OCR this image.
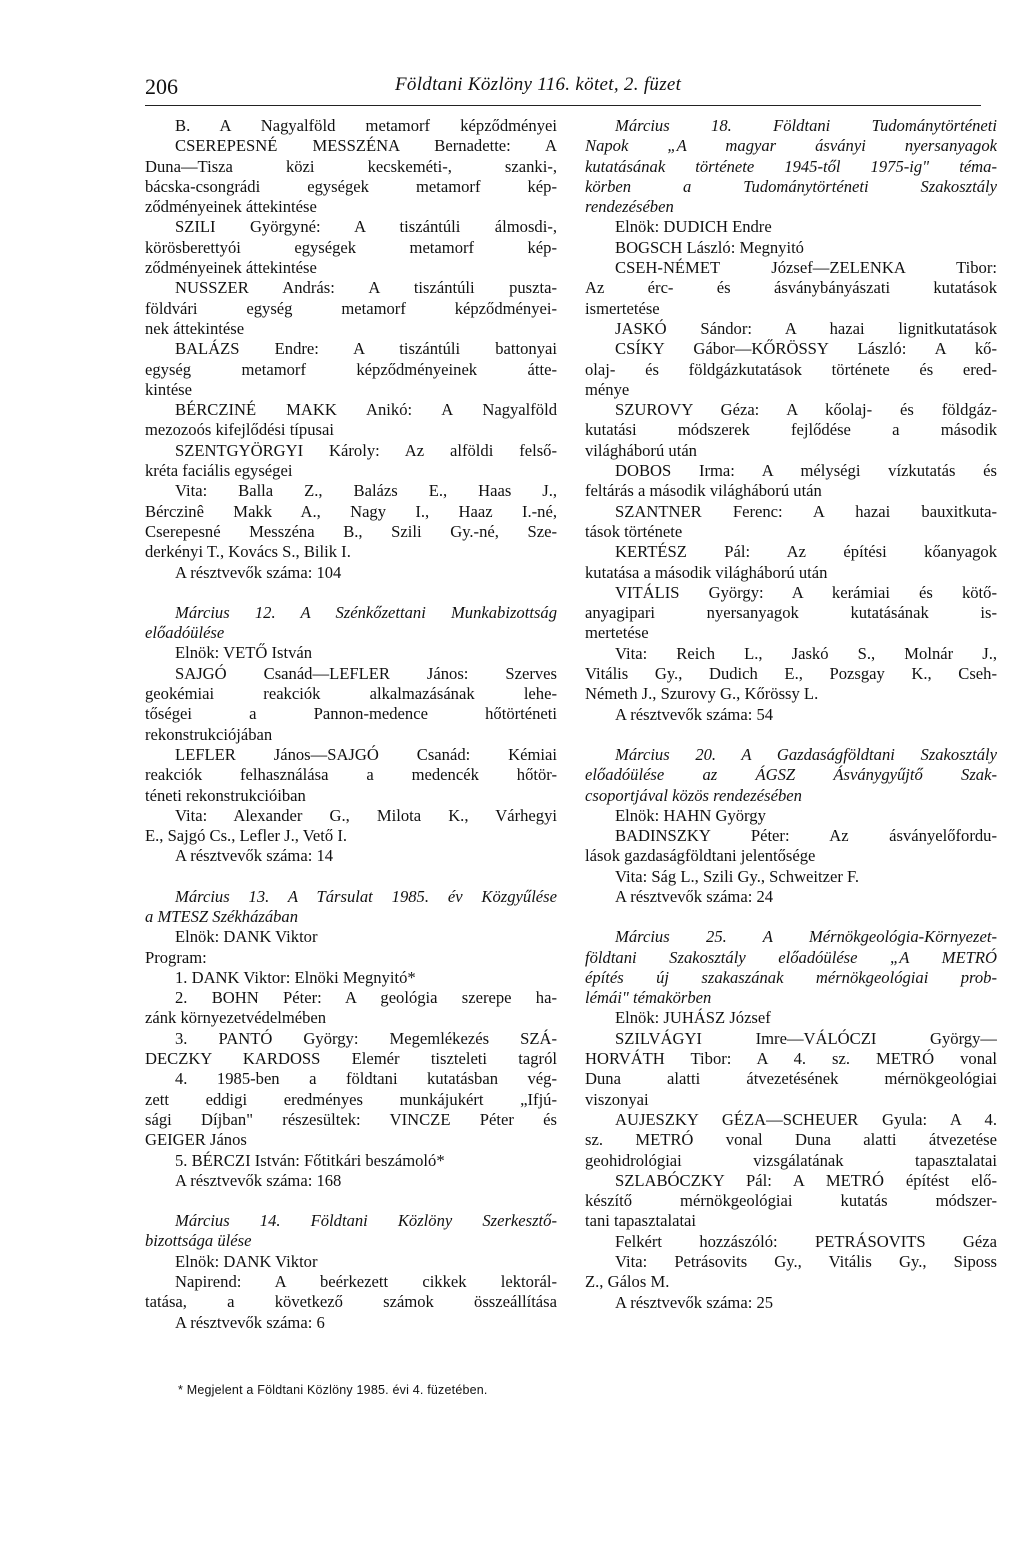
206	Földtani Közlöny 116. kötet, 2. füzet
B. A Nagyalföld metamorf képződményei
CSEREPESNÉ MESSZÉNA Bernadette: A
Duna—Tisza közi kecskeméti-, szanki-,
bácska-csongrádi egységek metamorf kép-
ződményeinek áttekintése
SZILI Györgyné: A tiszántúli álmosdi-,
körösberettyói egységek metamorf kép-
ződményeinek áttekintése
NUSSZER András: A tiszántúli puszta-
földvári egység metamorf képződményei-
nek áttekintése
BALÁZS Endre: A tiszántúli battonyai
egység metamorf képződményeinek átte-
kintése
BÉRCZINÉ MAKK Anikó: A Nagyalföld
mezozoós kifejlődési típusai
SZENTGYÖRGYI Károly: Az alföldi felső-
kréta faciális egységei
Vita: Balla Z., Balázs E., Haas J.,
Bérczinê Makk A., Nagy I., Haaz I.-né,
Cserepesné Messzéna B., Szili Gy.-né, Sze-
derkényi T., Kovács S., Bilik I.
A résztvevők száma: 104
Március 12. A Szénkőzettani Munkabizottság
előadóülése
Elnök: VETŐ István
SAJGÓ Csanád—LEFLER János: Szerves
geokémiai reakciók alkalmazásának lehe-
tőségei a Pannon-medence hőtörténeti
rekonstrukciójában
LEFLER János—SAJGÓ Csanád: Kémiai
reakciók felhasználása a medencék hőtör-
téneti rekonstrukcióiban
Vita: Alexander G., Milota K., Várhegyi
E., Sajgó Cs., Lefler J., Vető I.
A résztvevők száma: 14
Március 13. A Társulat 1985. év Közgyűlése
a MTESZ Székházában
Elnök: DANK Viktor
Program:
1. DANK Viktor: Elnöki Megnyitó*
2. BOHN Péter: A geológia szerepe ha-
zánk környezetvédelmében
3. PANTÓ György: Megemlékezés SZÁ-
DECZKY KARDOSS Elemér tiszteleti tagról
4. 1985-ben a földtani kutatásban vég-
zett eddigi eredményes munkájukért „Ifjú-
sági Díjban" részesültek: VINCZE Péter és
GEIGER János
5. BÉRCZI István: Főtitkári beszámoló*
A résztvevők száma: 168
Március 14. Földtani Közlöny Szerkesztő-
bizottsága ülése
Elnök: DANK Viktor
Napirend: A beérkezett cikkek lektorál-
tatása, a következő számok összeállítása
A résztvevők száma: 6
Március 18. Földtani Tudománytörténeti
Napok „A magyar ásványi nyersanyagok
kutatásának története 1945-től 1975-ig" téma-
körben a Tudománytörténeti Szakosztály
rendezésében
Elnök: DUDICH Endre
BOGSCH László: Megnyitó
CSEH-NÉMET József—ZELENKA Tibor:
Az érc- és ásványbányászati kutatások
ismertetése
JASKÓ Sándor: A hazai lignitkutatások
CSÍKY Gábor—KŐRÖSSY László: A kő-
olaj- és földgázkutatások története és ered-
ménye
SZUROVY Géza: A kőolaj- és földgáz-
kutatási módszerek fejlődése a második
világháború után
DOBOS Irma: A mélységi vízkutatás és
feltárás a második világháború után
SZANTNER Ferenc: A hazai bauxitkuta-
tások története
KERTÉSZ Pál: Az építési kőanyagok
kutatása a második világháború után
VITÁLIS György: A kerámiai és kötő-
anyagipari nyersanyagok kutatásának is-
mertetése
Vita: Reich L., Jaskó S., Molnár J.,
Vitális Gy., Dudich E., Pozsgay K., Cseh-
Németh J., Szurovy G., Kőrössy L.
A résztvevők száma: 54
Március 20. A Gazdaságföldtani Szakosztály
előadóülése az ÁGSZ Ásványgyűjtő Szak-
csoportjával közös rendezésében
Elnök: HAHN György
BADINSZKY Péter: Az ásványelőfordu-
lások gazdaságföldtani jelentősége
Vita: Ság L., Szili Gy., Schweitzer F.
A résztvevők száma: 24
Március 25. A Mérnökgeológia-Környezet-
földtani Szakosztály előadóülése „A METRÓ
építés új szakaszának mérnökgeológiai prob-
lémái" témakörben
Elnök: JUHÁSZ József
SZILVÁGYI Imre—VÁLÓCZI György—
HORVÁTH Tibor: A 4. sz. METRÓ vonal
Duna alatti átvezetésének mérnökgeológiai
viszonyai
AUJESZKY GÉZA—SCHEUER Gyula: A 4.
sz. METRÓ vonal Duna alatti átvezetése
geohidrológiai vizsgálatának tapasztalatai
SZLABÓCZKY Pál: A METRÓ építést elő-
készítő mérnökgeológiai kutatás módszer-
tani tapasztalatai
Felkért hozzászóló: PETRÁSOVITS Géza
Vita: Petrásovits Gy., Vitális Gy., Siposs
Z., Gálos M.
A résztvevők száma: 25
* Megjelent a Földtani Közlöny 1985. évi 4. füzetében.
